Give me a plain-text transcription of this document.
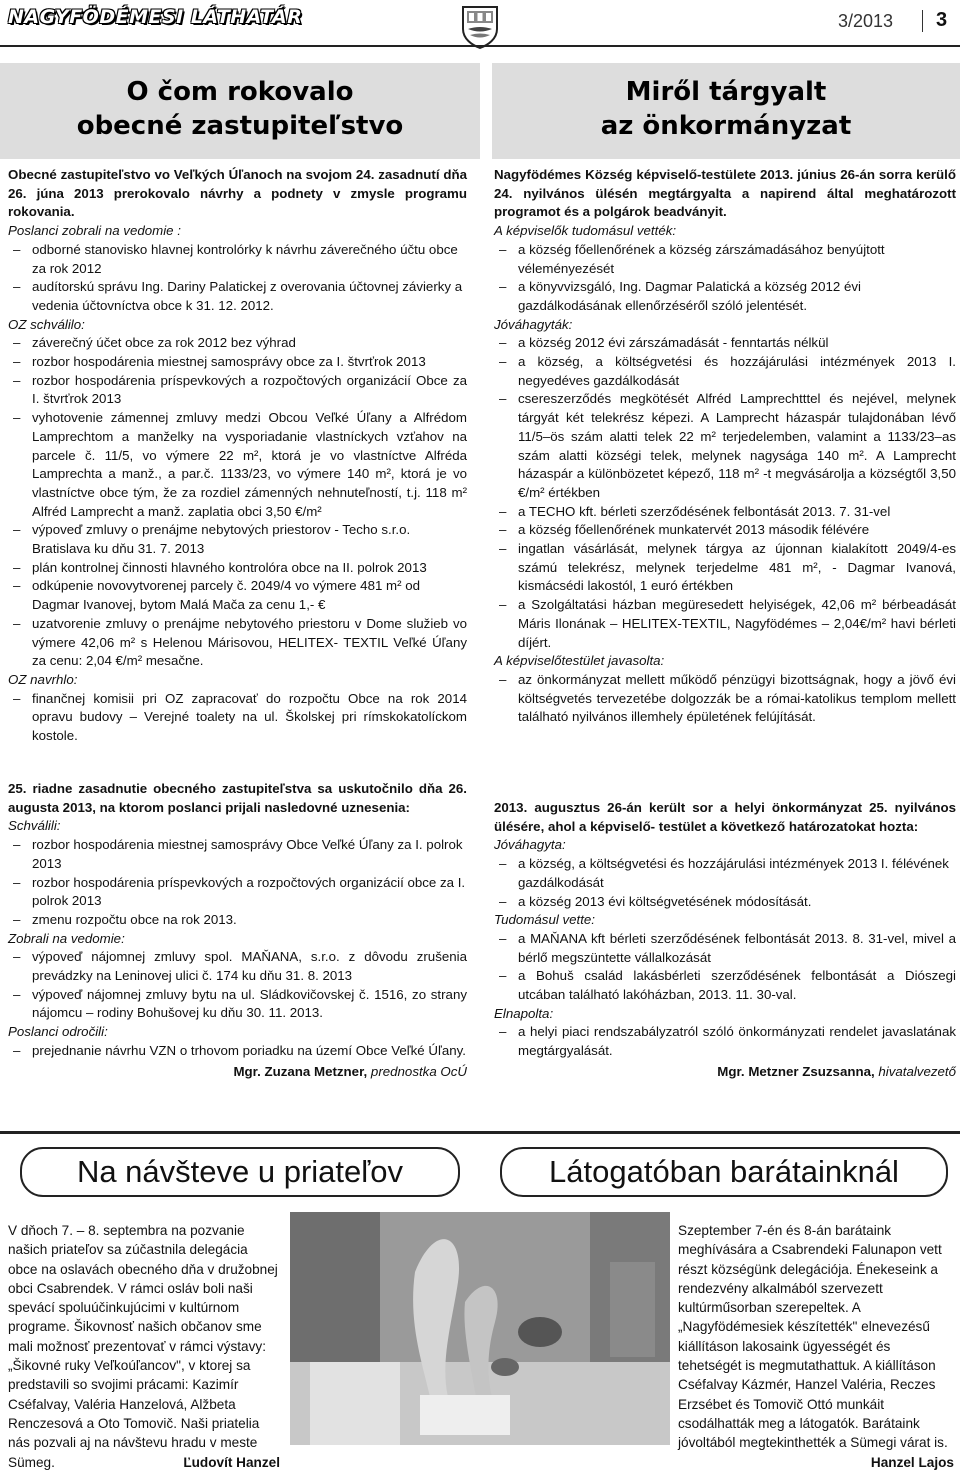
NAGYFÖDÉMESI LÁTHATÁR	3/2013 3
O čom rokovalo
obecné zastupiteľstvo
Miről tárgyalt
az önkormányzat

Obecné zastupiteľstvo vo Veľkých Úľanoch na svojom 24. zasadnutí dňa 26. júna 2013 prerokovalo návrhy a podnety v zmysle programu rokovania.

Poslanci zobrali na vedomie :

– odborné stanovisko hlavnej kontrolórky k návrhu záverečného účtu obce za rok 2012

– audítorskú správu Ing. Dariny Palatickej z overovania účtovnej závierky a vedenia účtovníctva obce k 31. 12. 2012.

OZ schválilo:

– záverečný účet obce za rok 2012 bez výhrad

– rozbor hospodárenia miestnej samosprávy obce za I. štvrťrok 2013

– rozbor hospodárenia príspevkových a rozpočtových organizácií Obce za I. štvrťrok 2013

– vyhotovenie zámennej zmluvy medzi Obcou Veľké Úľany a Alfrédom Lamprechtom a manželky na vysporiadanie vlastníckych vzťahov na parcele č. 11/5, vo výmere 22 m², ktorá je vo vlastníctve Alfréda Lamprechta a manž., a par.č. 1133/23, vo výmere 140 m², ktorá je vo vlastníctve obce tým, že za rozdiel zámenných nehnuteľností, t.j. 118 m² Alfréd Lamprecht a manž. zaplatia obci 3,50 €/m²

– výpoveď zmluvy o prenájme nebytových priestorov - Techo s.r.o. Bratislava ku dňu 31. 7. 2013

– plán kontrolnej činnosti hlavného kontrolóra obce na II. polrok 2013

– odkúpenie novovytvorenej parcely č. 2049/4 vo výmere 481 m² od Dagmar Ivanovej, bytom Malá Mača za cenu 1,- €

– uzatvorenie zmluvy o prenájme nebytového priestoru v Dome služieb vo výmere 42,06 m² s Helenou Márisovou, HELITEX- TEXTIL Veľké Úľany za cenu: 2,04 €/m² mesačne.

OZ navrhlo:

– finančnej komisii pri OZ zapracovať do rozpočtu Obce na rok 2014 opravu budovy – Verejné toalety na ul. Školskej pri rímskokatolíckom kostole.

25. riadne zasadnutie obecného zastupiteľstva sa uskutočnilo dňa 26. augusta 2013, na ktorom poslanci prijali nasledovné uznesenia:

Schválili:

– rozbor hospodárenia miestnej samosprávy Obce Veľké Úľany za I. polrok 2013

– rozbor hospodárenia príspevkových a rozpočtových organizácií obce za I. polrok 2013

– zmenu rozpočtu obce na rok 2013.

Zobrali na vedomie:

– výpoveď nájomnej zmluvy spol. MAŇANA, s.r.o. z dôvodu zrušenia prevádzky na Leninovej ulici č. 174 ku dňu 31. 8. 2013

– výpoveď nájomnej zmluvy bytu na ul. Sládkovičovskej č. 1516, zo strany nájomcu – rodiny Bohušovej ku dňu 30. 11. 2013.

Poslanci odročili:

– prejednanie návrhu VZN o trhovom poriadku na území Obce Veľké Úľany.

Mgr. Zuzana Metzner, prednostka OcÚ

Nagyfödémes Község képviselő-testülete 2013. június 26-án sorra kerülő 24. nyilvános ülésén megtárgyalta a napirend által meghatározott programot és a polgárok beadványit.

A képviselők tudomásul vették:

– a község főellenőrének a község zárszámadásához benyújtott véleményezését

– a könyvvizsgáló, Ing. Dagmar Palatická a község 2012 évi gazdálkodásának ellenőrzéséről szóló jelentését.

Jóváhagyták:

– a község 2012 évi zárszámadását - fenntartás nélkül

– a község, a költségvetési és hozzájárulási intézmények 2013 I. negyedéves gazdálkodását

– csereszerződés megkötését Alfréd Lamprechtttel és nejével, melynek tárgyát két telekrész képezi. A Lamprecht házaspár tulajdonában lévő 11/5–ös szám alatti telek 22 m² terjedelemben, valamint a 1133/23–as szám alatti községi telek, melynek nagysága 140 m². A Lamprecht házaspár a különbözetet képező, 118 m² -t megvásárolja a községtől 3,50 €/m² értékben

– a TECHO kft. bérleti szerződésének felbontását 2013. 7. 31-vel

– a község főellenőrének munkatervét 2013 második félévére

– ingatlan vásárlását, melynek tárgya az újonnan kialakított 2049/4-es számú telekrész, melynek terjedelme 481 m², - Dagmar Ivanová, kismácsédi lakostól, 1 euró értékben

– a Szolgáltatási házban megüresedett helyiségek, 42,06 m² bérbeadását Máris Ilonának – HELITEX-TEXTIL, Nagyfödémes – 2,04€/m² havi bérleti díjért.

A képviselőtestület javasolta:

– az önkormányzat mellett működő pénzügyi bizottságnak, hogy a jövő évi költségvetés tervezetébe dolgozzák be a római-katolikus templom mellett található nyilvános illemhely épületének felújítását.

2013. augusztus 26-án került sor a helyi önkormányzat 25. nyilvános ülésére, ahol a képviselő- testület a következő határozatokat hozta:

Jóváhagyta:

– a község, a költségvetési és hozzájárulási intézmények 2013 I. félévének gazdálkodását

– a község 2013 évi költségvetésének módosítását.

Tudomásul vette:

– a MAŇANA kft bérleti szerződésének felbontását 2013. 8. 31-vel, mivel a bérlő megszüntette vállalkozását

– a Bohuš család lakásbérleti szerződésének felbontását a Diószegi utcában található lakóházban, 2013. 11. 30-val.

Elnapolta:

– a helyi piaci rendszabályzatról szóló önkormányzati rendelet javaslatának megtárgyalását.

Mgr. Metzner Zsuzsanna, hivatalvezető

Na návšteve u priateľov	Látogatóban barátainknál
V dňoch 7. – 8. septembra na pozvanie našich priateľov sa zúčastnila delegácia obce na oslavách obecného dňa v družobnej obci Csabrendek. V rámci osláv boli naši spevácí spoluúčinkujúcimi v kultúrnom programe. Šikovnosť našich občanov sme mali možnosť prezentovať v rámci výstavy: „Šikovné ruky Veľkoúľancov", v ktorej sa predstavili so svojimi prácami: Kazimír Cséfalvay, Valéria Hanzelová, Alžbeta Renczesová a Oto Tomovič. Naši priatelia nás pozvali aj na návštevu hradu v meste Sümeg.	Ľudovít Hanzel
Szeptember 7-én és 8-án barátaink meghívására a Csabrendeki Falunapon vett részt községünk delegációja. Énekeseink a rendezvény alkalmából szervezett kultúrműsorban szerepeltek. A „Nagyfödémesiek készítették" elnevezésű kiállításon lakosaink ügyességét és tehetségét is megmutathattuk. A kiállításon Cséfalvay Kázmér, Hanzel Valéria, Reczes Erzsébet és Tomovič Ottó munkáit csodálhatták meg a látogatók. Barátaink jóvoltából megtekinthették a Sümegi várat is.
Hanzel Lajos
